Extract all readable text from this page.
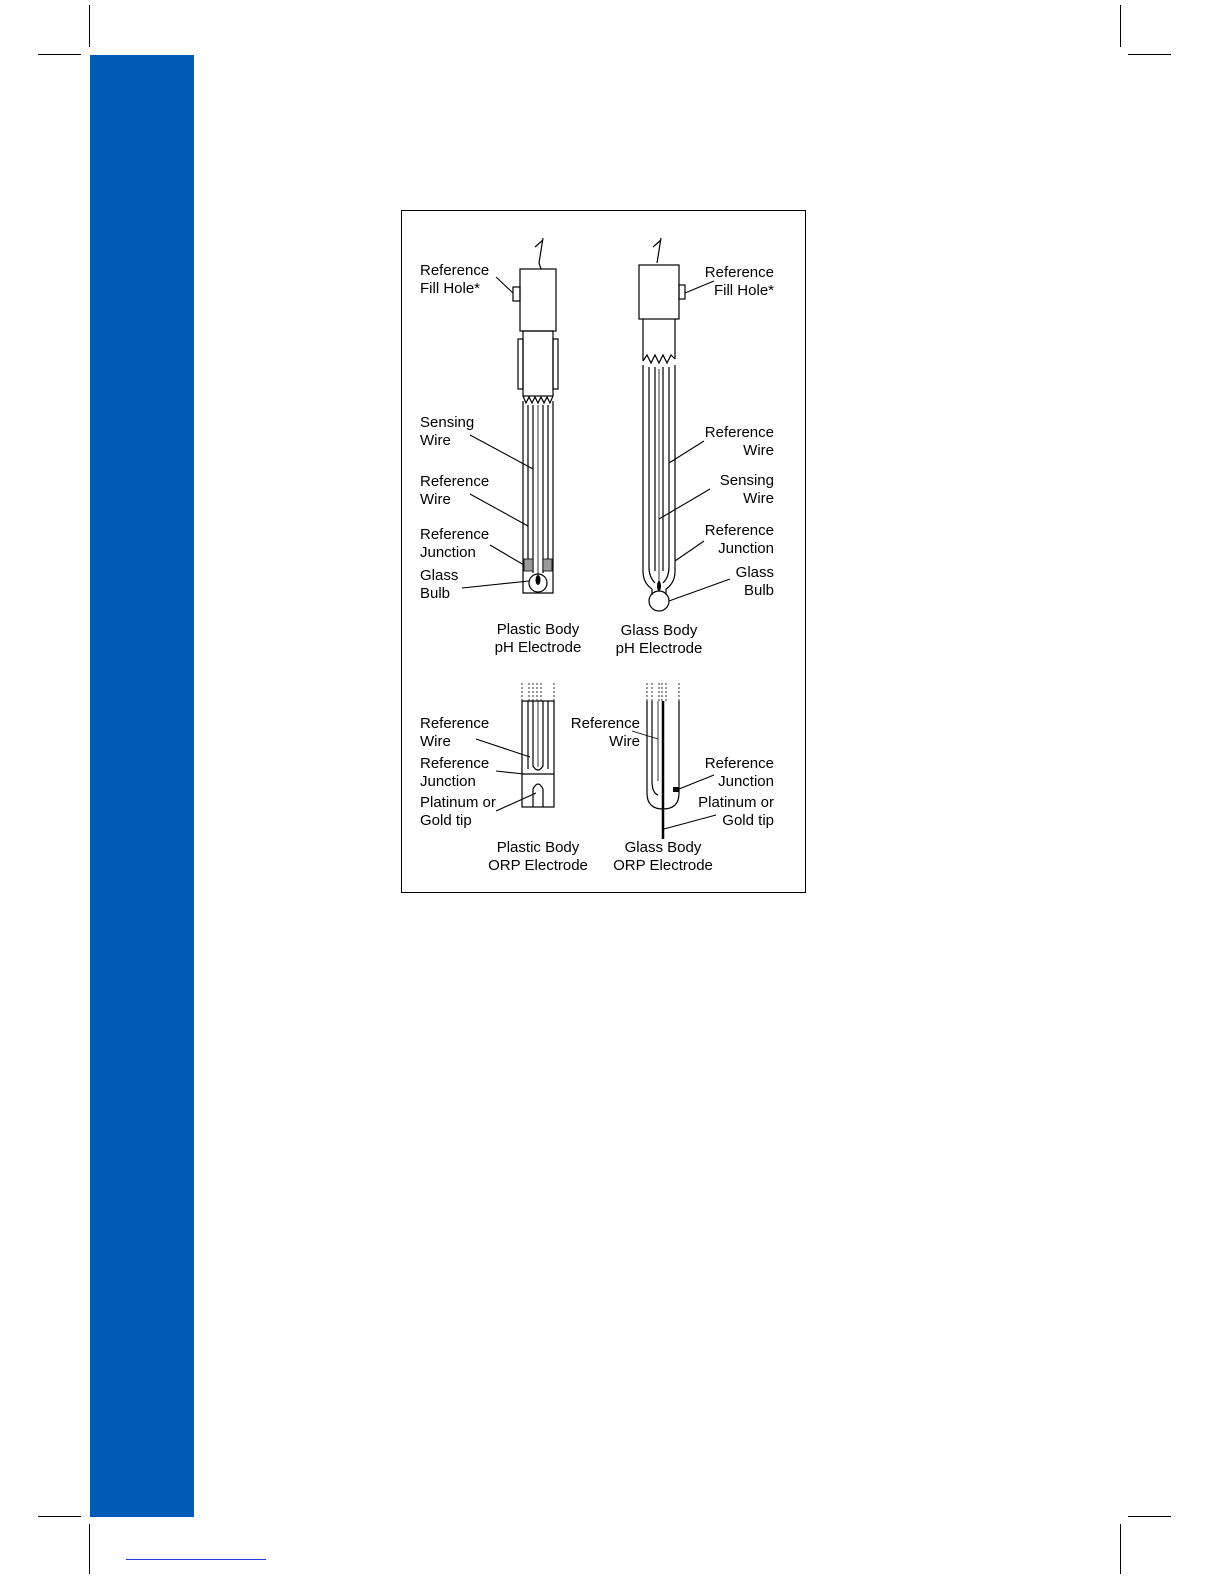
Reference Fill Hole*
Sensing Wire
Reference Wire
Reference Junction
Glass Bulb
Plastic Body pH Electrode
Reference Fill Hole*
Reference Wire
Sensing Wire
Reference Junction
Glass Bulb
Glass Body pH Electrode
Reference Wire
Reference Junction
Platinum or Gold tip
Plastic Body ORP Electrode
Reference Wire
Reference Junction
Platinum or Gold tip
Glass Body ORP Electrode
